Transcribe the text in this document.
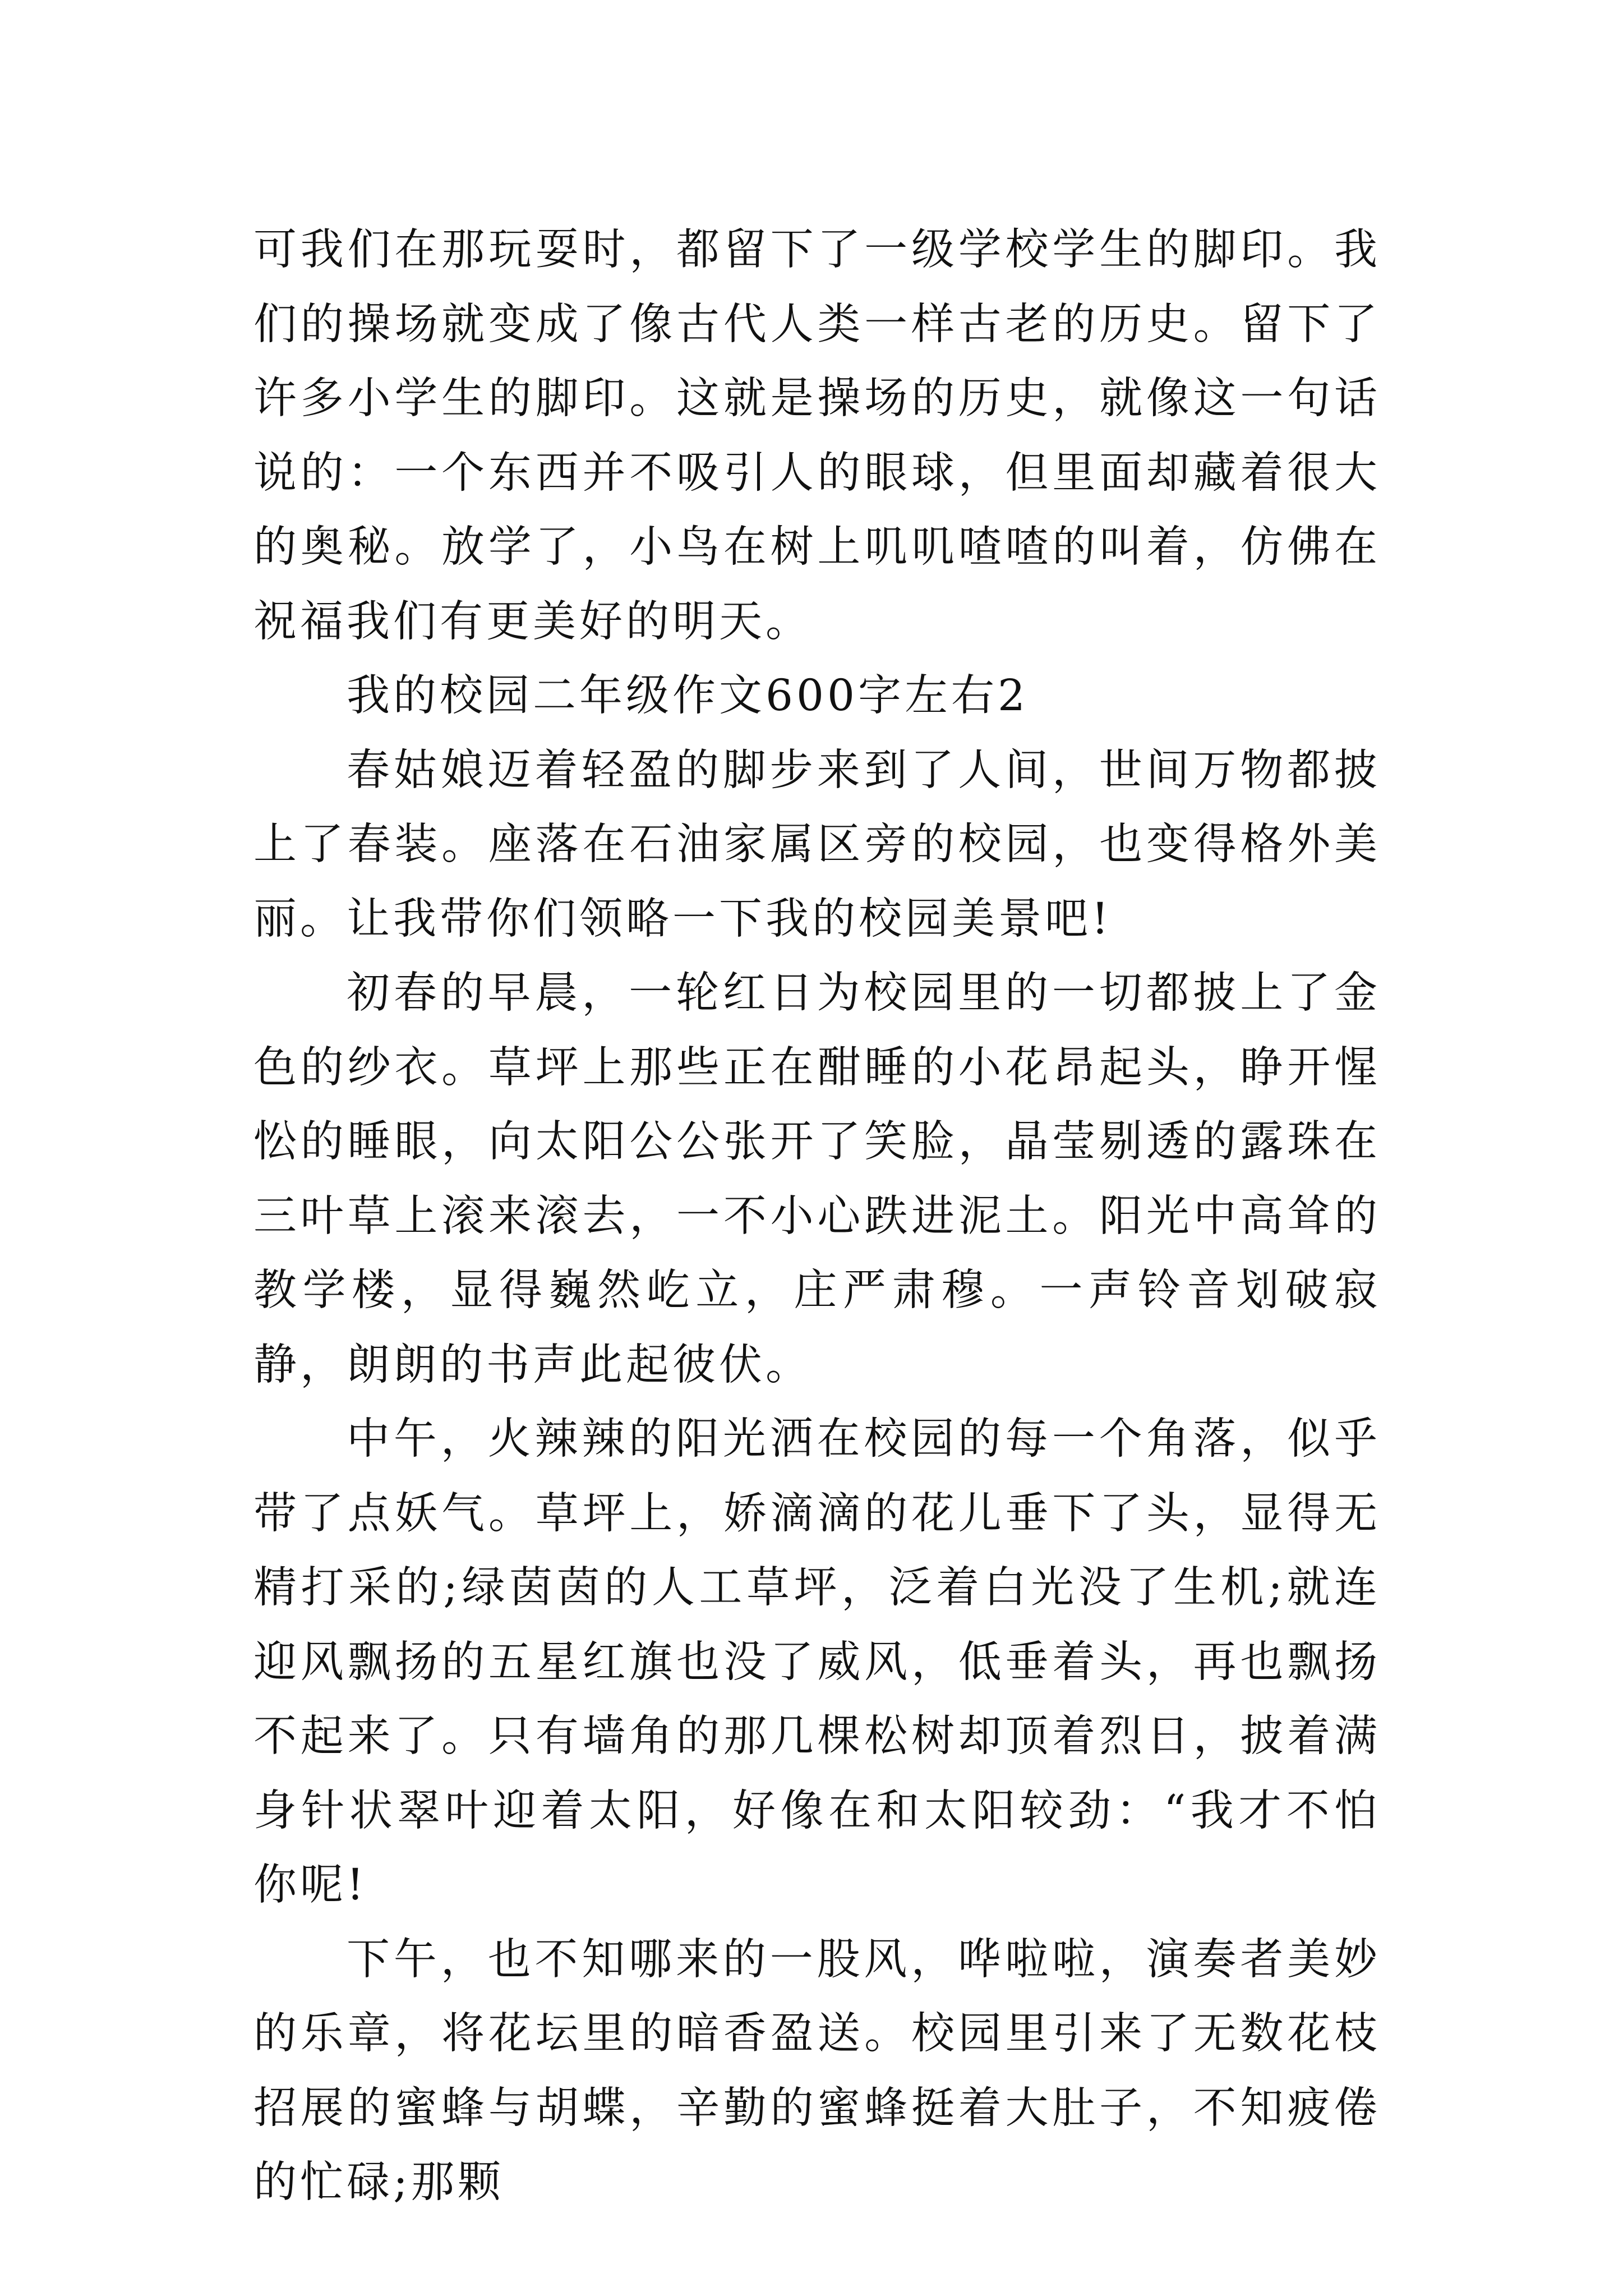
可我们在那玩耍时，都留下了一级学校学生的脚印。我们的操场就变成了像古代人类一样古老的历史。留下了许多小学生的脚印。这就是操场的历史，就像这一句话说的：一个东西并不吸引人的眼球，但里面却藏着很大的奥秘。放学了，小鸟在树上叽叽喳喳的叫着，仿佛在祝福我们有更美好的明天。

我的校园二年级作文600字左右2

春姑娘迈着轻盈的脚步来到了人间，世间万物都披上了春装。座落在石油家属区旁的校园，也变得格外美丽。让我带你们领略一下我的校园美景吧!

初春的早晨，一轮红日为校园里的一切都披上了金色的纱衣。草坪上那些正在酣睡的小花昂起头，睁开惺忪的睡眼，向太阳公公张开了笑脸，晶莹剔透的露珠在三叶草上滚来滚去，一不小心跌进泥土。阳光中高耸的教学楼，显得巍然屹立，庄严肃穆。一声铃音划破寂静，朗朗的书声此起彼伏。

中午，火辣辣的阳光洒在校园的每一个角落，似乎带了点妖气。草坪上，娇滴滴的花儿垂下了头，显得无精打采的;绿茵茵的人工草坪，泛着白光没了生机;就连迎风飘扬的五星红旗也没了威风，低垂着头，再也飘扬不起来了。只有墙角的那几棵松树却顶着烈日，披着满身针状翠叶迎着太阳，好像在和太阳较劲：“我才不怕你呢!

下午，也不知哪来的一股风，哗啦啦，演奏者美妙的乐章，将花坛里的暗香盈送。校园里引来了无数花枝招展的蜜蜂与胡蝶，辛勤的蜜蜂挺着大肚子，不知疲倦的忙碌;那颗
